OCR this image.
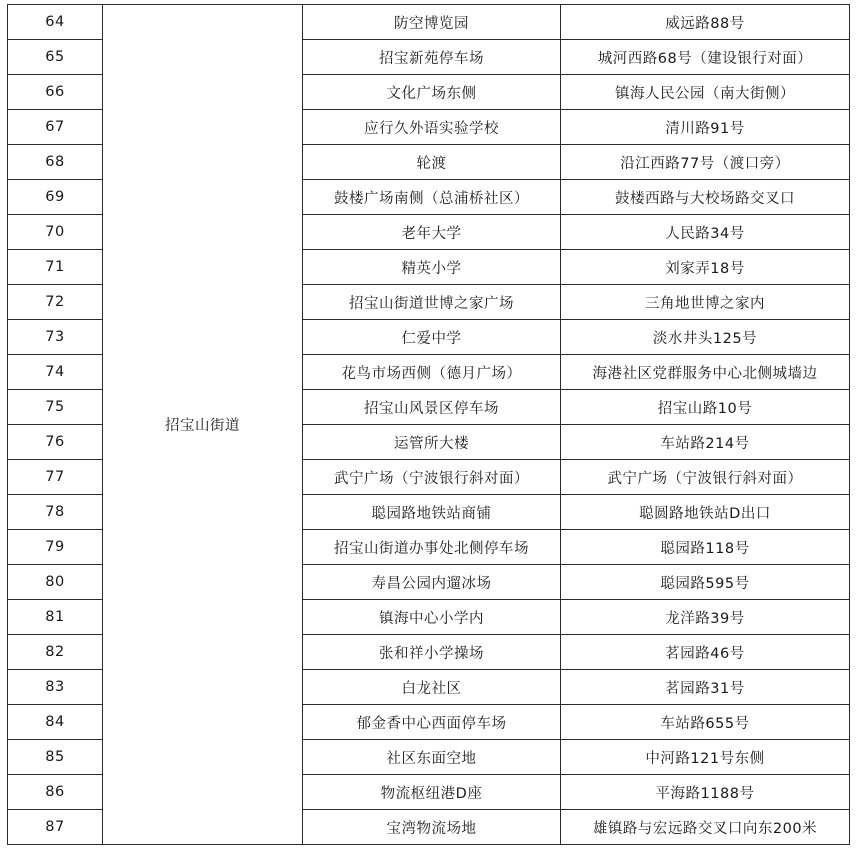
64	招宝山街道	防空博览园	威远路88号
65		招宝新苑停车场	城河西路68号（建设银行对面）
66		文化广场东侧	镇海人民公园（南大街侧）
67		应行久外语实验学校	清川路91号
68		轮渡	沿江西路77号（渡口旁）
69		鼓楼广场南侧（总浦桥社区）	鼓楼西路与大校场路交叉口
70		老年大学	人民路34号
71		精英小学	刘家弄18号
72		招宝山街道世博之家广场	三角地世博之家内
73		仁爱中学	淡水井头125号
74		花鸟市场西侧（德月广场）	海港社区党群服务中心北侧城墙边
75		招宝山风景区停车场	招宝山路10号
76		运管所大楼	车站路214号
77		武宁广场（宁波银行斜对面）	武宁广场（宁波银行斜对面）
78		聪园路地铁站商铺	聪圆路地铁站D出口
79		招宝山街道办事处北侧停车场	聪园路118号
80		寿昌公园内遛冰场	聪园路595号
81		镇海中心小学内	龙洋路39号
82		张和祥小学操场	茗园路46号
83		白龙社区	茗园路31号
84		郁金香中心西面停车场	车站路655号
85		社区东面空地	中河路121号东侧
86		物流枢纽港D座	平海路1188号
87		宝湾物流场地	雄镇路与宏远路交叉口向东200米
